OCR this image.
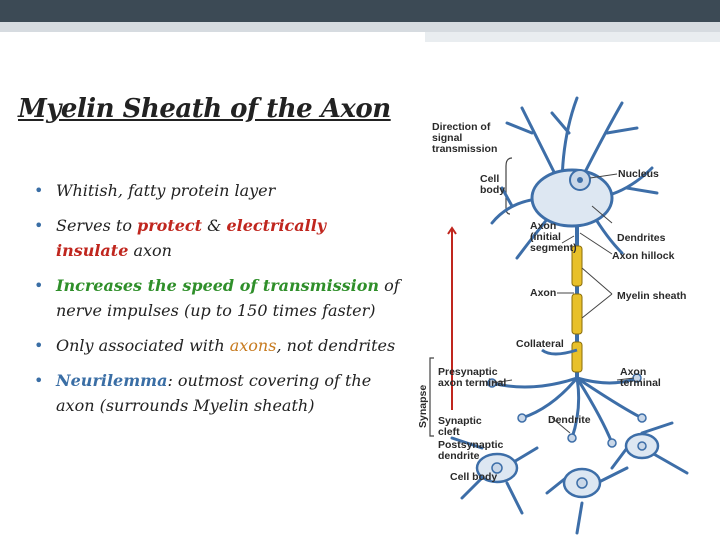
Myelin Sheath of the Axon
• Whitish, fatty protein layer
• Serves to protect & electrically insulate axon
• Increases the speed of transmission of nerve impulses (up to 150 times faster)
• Only associated with axons, not dendrites
• Neurilemma: outmost covering of the axon (surrounds Myelin sheath)
Direction of
signal
transmission
Cell
body
Nucleus
Axon
(initial
segment)
Dendrites
Axon hillock
Axon	Myelin sheath
Collateral
Presynaptic
axon terminal
Axon
terminal
Synapse Synaptic
cleft
Postsynaptic
dendrite
Dendrite
Cell body
